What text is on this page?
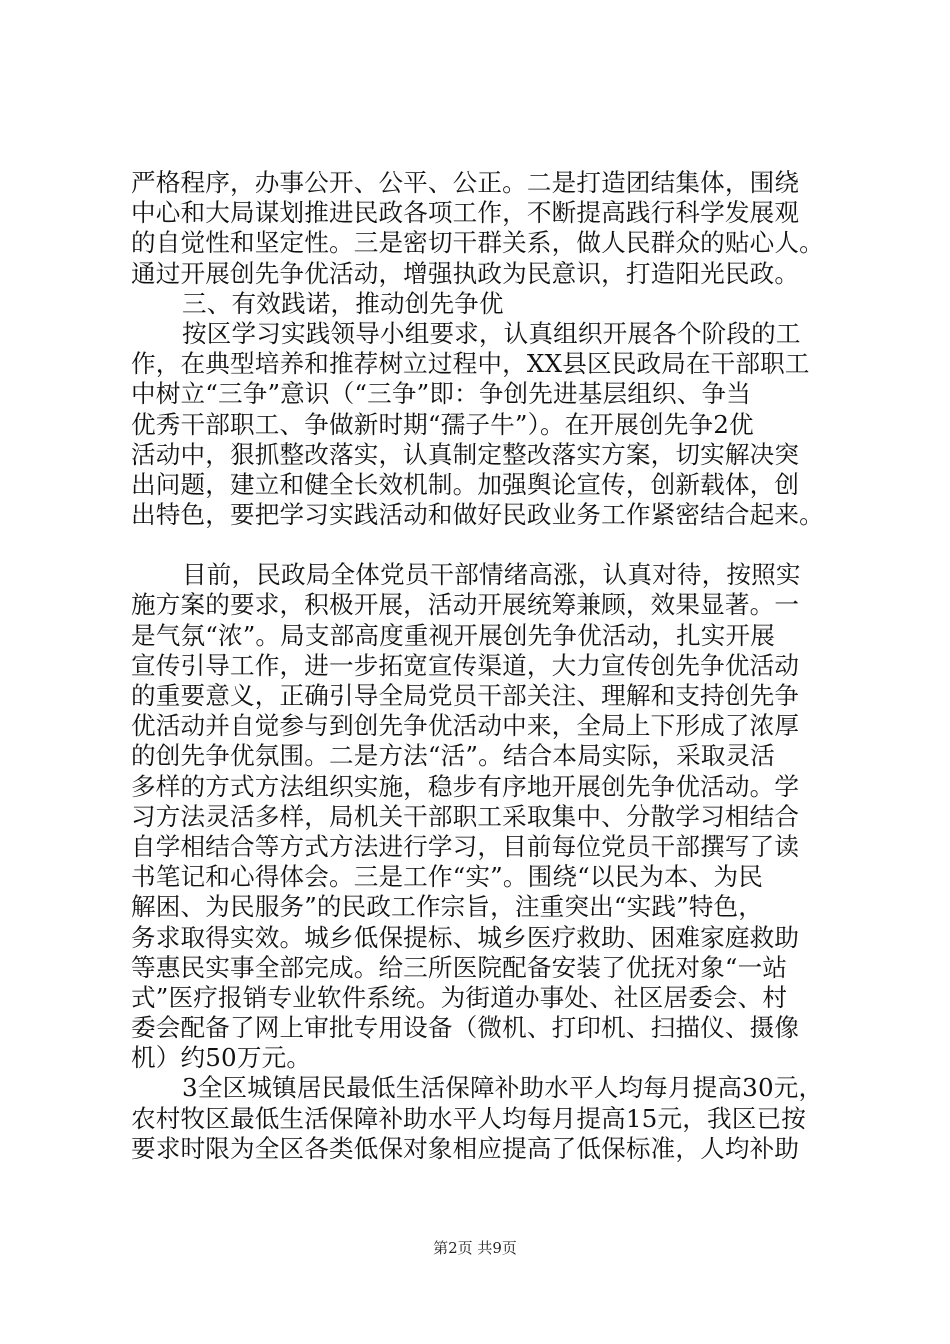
严格程序，办事公开、公平、公正。二是打造团结集体，围绕
中心和大局谋划推进民政各项工作，不断提高践行科学发展观
的自觉性和坚定性。三是密切干群关系，做人民群众的贴心人。
通过开展创先争优活动，增强执政为民意识，打造阳光民政。
三、有效践诺，推动创先争优
按区学习实践领导小组要求，认真组织开展各个阶段的工
作，在典型培养和推荐树立过程中，XX县区民政局在干部职工
中树立“三争”意识（“三争”即：争创先进基层组织、争当
优秀干部职工、争做新时期“孺子牛”）。在开展创先争2优
活动中，狠抓整改落实，认真制定整改落实方案，切实解决突
出问题，建立和健全长效机制。加强舆论宣传，创新载体，创
出特色，要把学习实践活动和做好民政业务工作紧密结合起来。
目前，民政局全体党员干部情绪高涨，认真对待，按照实
施方案的要求，积极开展，活动开展统筹兼顾，效果显著。一
是气氛“浓”。局支部高度重视开展创先争优活动，扎实开展
宣传引导工作，进一步拓宽宣传渠道，大力宣传创先争优活动
的重要意义，正确引导全局党员干部关注、理解和支持创先争
优活动并自觉参与到创先争优活动中来，全局上下形成了浓厚
的创先争优氛围。二是方法“活”。结合本局实际，采取灵活
多样的方式方法组织实施，稳步有序地开展创先争优活动。学
习方法灵活多样，局机关干部职工采取集中、分散学习相结合
自学相结合等方式方法进行学习，目前每位党员干部撰写了读
书笔记和心得体会。三是工作“实”。围绕“以民为本、为民
解困、为民服务”的民政工作宗旨，注重突出“实践”特色，
务求取得实效。城乡低保提标、城乡医疗救助、困难家庭救助
等惠民实事全部完成。给三所医院配备安装了优抚对象“一站
式”医疗报销专业软件系统。为街道办事处、社区居委会、村
委会配备了网上审批专用设备（微机、打印机、扫描仪、摄像
机）约50万元。
3全区城镇居民最低生活保障补助水平人均每月提高30元，
农村牧区最低生活保障补助水平人均每月提高15元，我区已按
要求时限为全区各类低保对象相应提高了低保标准，人均补助
第2页 共9页
